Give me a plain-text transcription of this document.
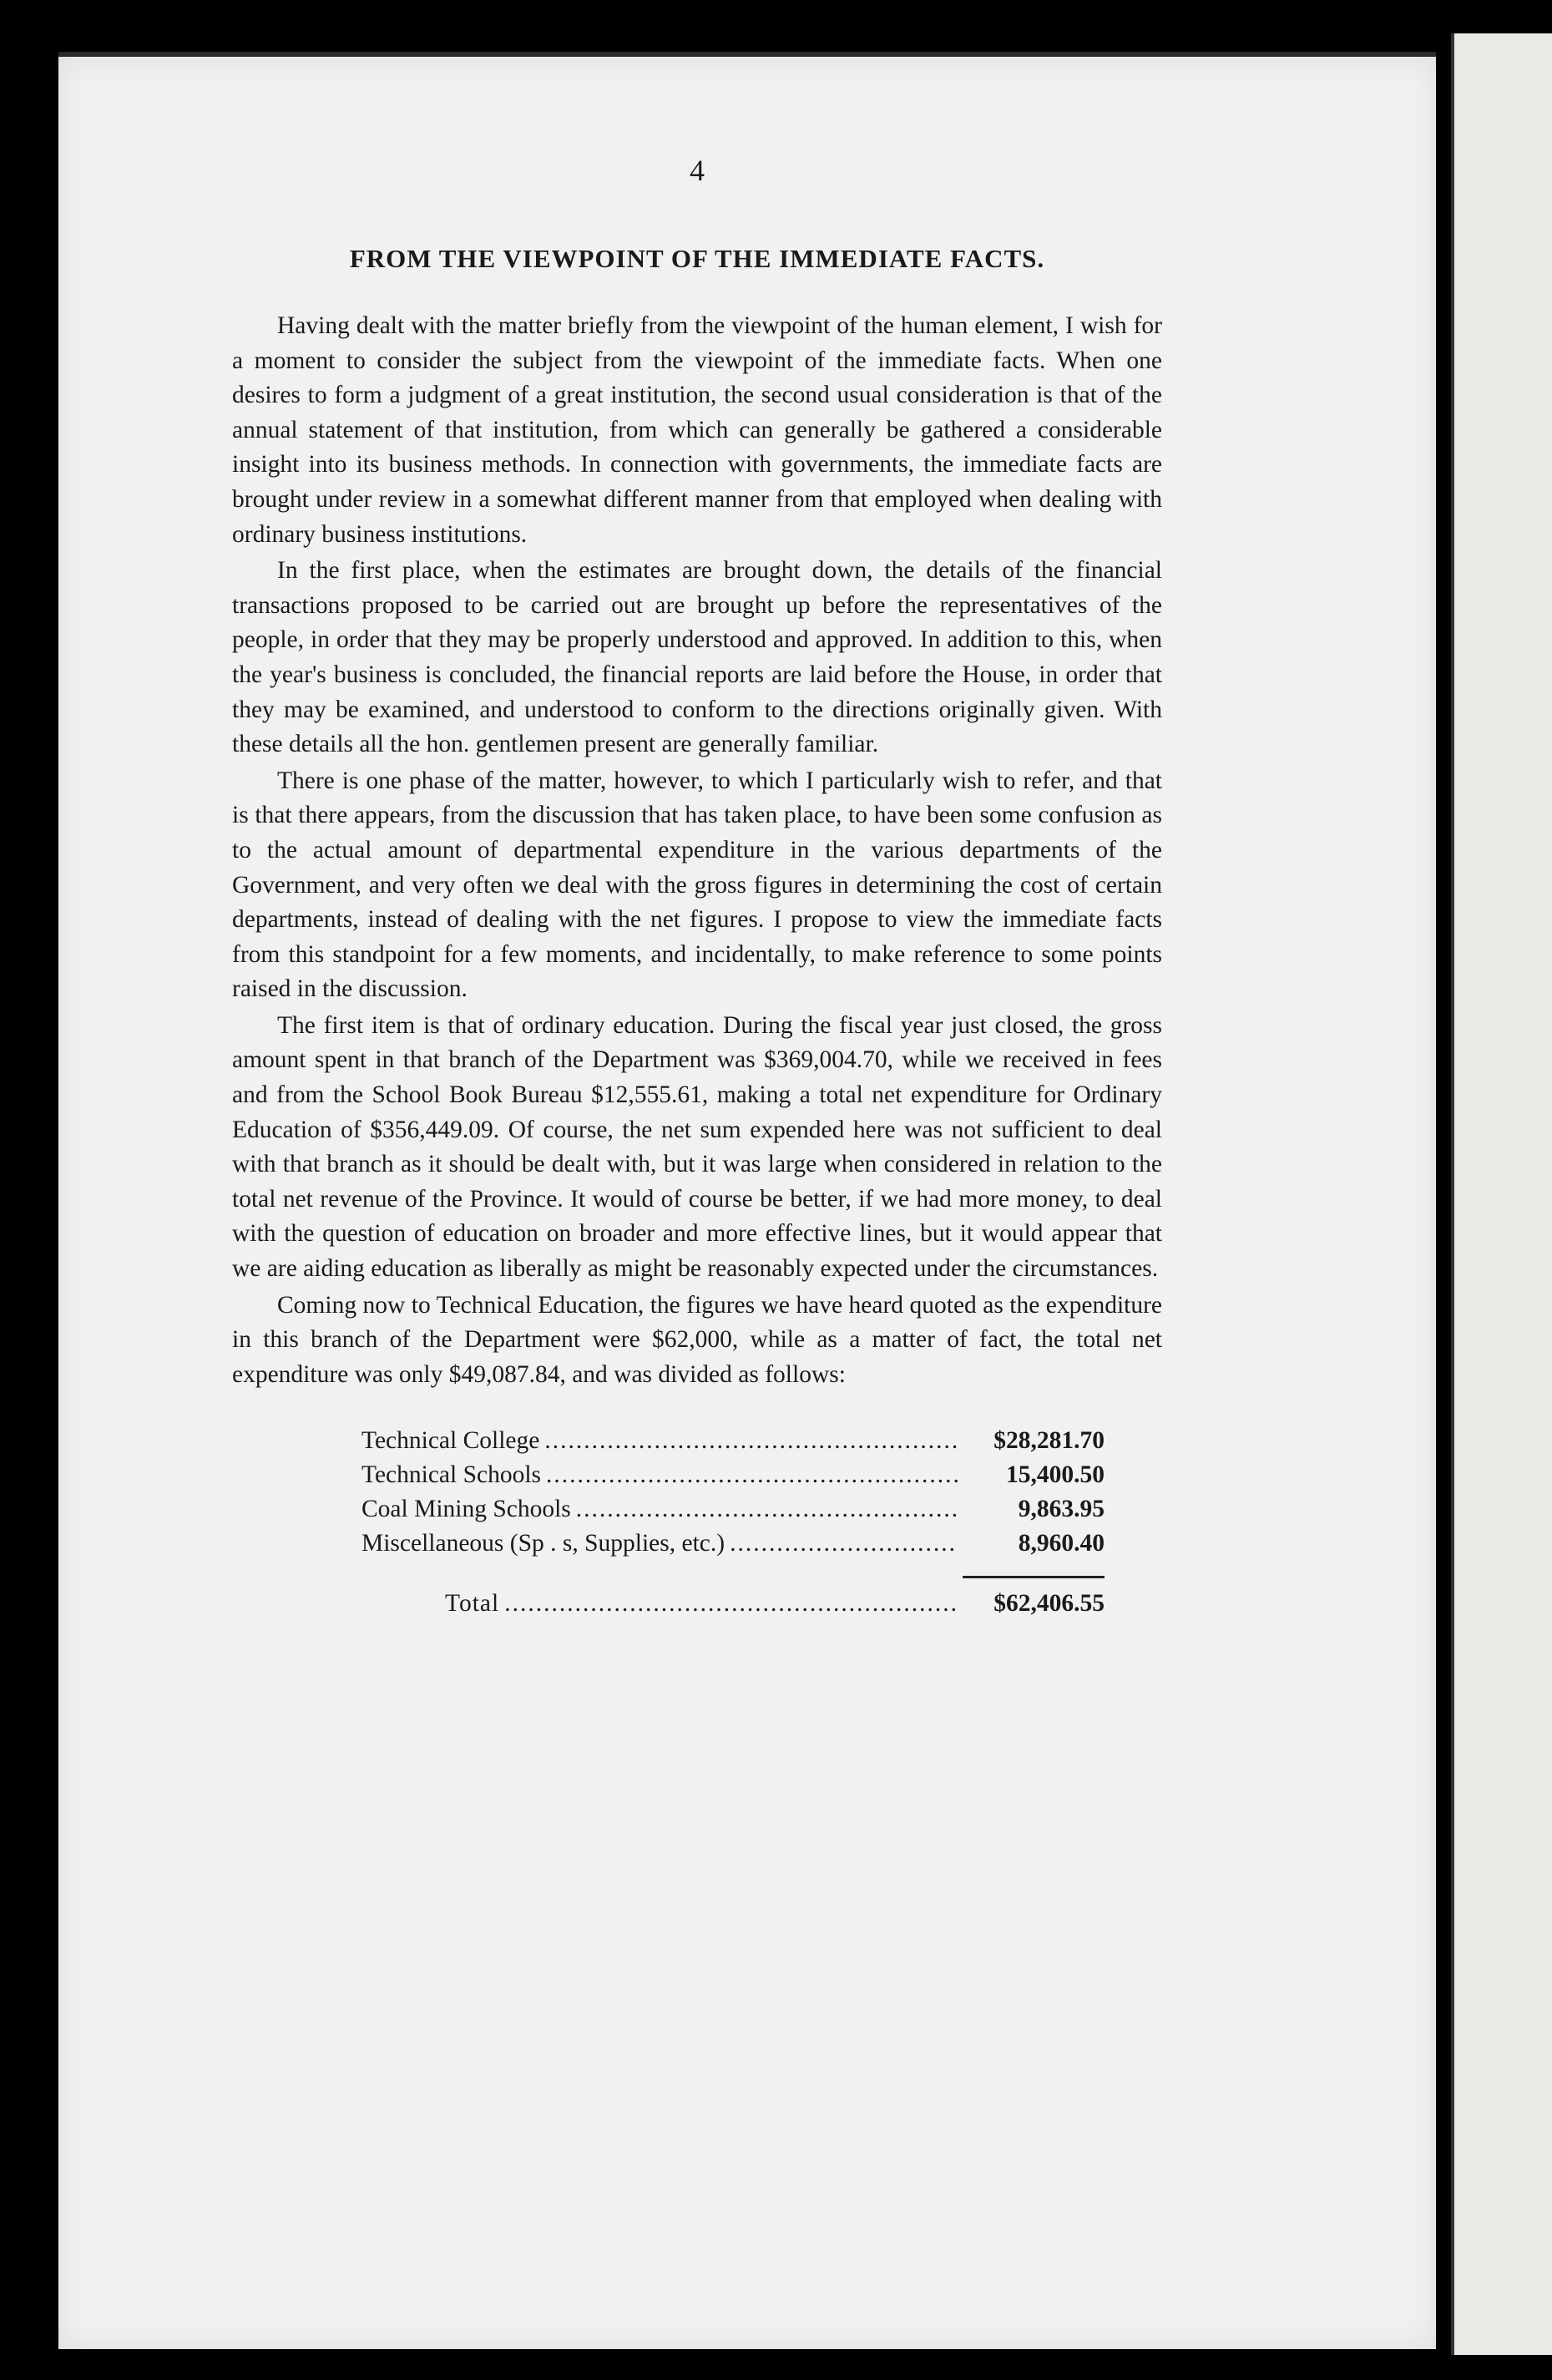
4
FROM THE VIEWPOINT OF THE IMMEDIATE FACTS.

Having dealt with the matter briefly from the viewpoint of the human element, I wish for a moment to consider the subject from the viewpoint of the immediate facts. When one desires to form a judgment of a great institution, the second usual consideration is that of the annual statement of that institution, from which can generally be gathered a considerable insight into its business methods. In connection with governments, the immediate facts are brought under review in a somewhat different manner from that employed when dealing with ordinary business institutions.

In the first place, when the estimates are brought down, the details of the financial transactions proposed to be carried out are brought up before the representatives of the people, in order that they may be properly understood and approved. In addition to this, when the year's business is concluded, the financial reports are laid before the House, in order that they may be examined, and understood to conform to the directions originally given. With these details all the hon. gentlemen present are generally familiar.

There is one phase of the matter, however, to which I particularly wish to refer, and that is that there appears, from the discussion that has taken place, to have been some confusion as to the actual amount of departmental expenditure in the various departments of the Government, and very often we deal with the gross figures in determining the cost of certain departments, instead of dealing with the net figures. I propose to view the immediate facts from this standpoint for a few moments, and incidentally, to make reference to some points raised in the discussion.

The first item is that of ordinary education. During the fiscal year just closed, the gross amount spent in that branch of the Department was $369,004.70, while we received in fees and from the School Book Bureau $12,555.61, making a total net expenditure for Ordinary Education of $356,449.09. Of course, the net sum expended here was not sufficient to deal with that branch as it should be dealt with, but it was large when considered in relation to the total net revenue of the Province. It would of course be better, if we had more money, to deal with the question of education on broader and more effective lines, but it would appear that we are aiding education as liberally as might be reasonably expected under the circumstances.

Coming now to Technical Education, the figures we have heard quoted as the expenditure in this branch of the Department were $62,000, while as a matter of fact, the total net expenditure was only $49,087.84, and was divided as follows:

Technical College .....	$28,281.70
Technical Schools .....	15,400.50
Coal Mining Schools .....	9,863.95
Miscellaneous (Sp . s, Supplies, etc.) .....	8,960.40
Total .....	$62,406.55
